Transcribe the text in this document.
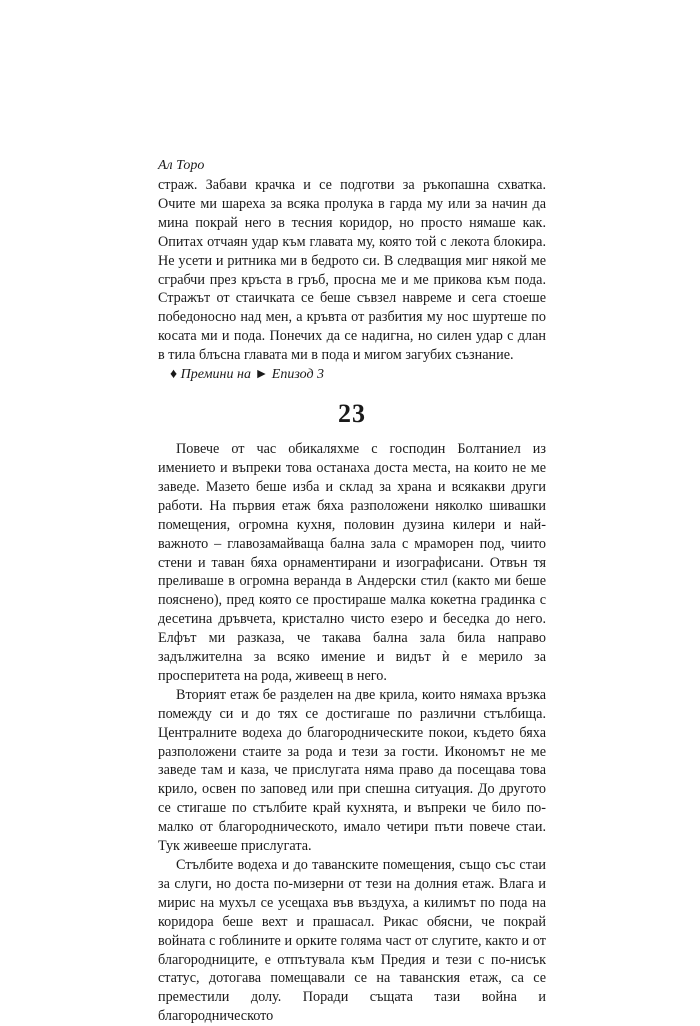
Ал Торо

страж. Забави крачка и се подготви за ръкопашна схватка. Очите ми шареха за всяка пролука в гарда му или за начин да мина покрай него в тесния коридор, но просто нямаше как. Опитах отчаян удар към главата му, която той с лекота блокира. Не усети и ритника ми в бедрото си. В следващия миг някой ме сграбчи през кръста в гръб, просна ме и ме прикова към пода. Стражът от стаичката се беше съвзел навреме и сега стоеше победоносно над мен, а кръвта от разбития му нос шуртеше по косата ми и пода. Понечих да се надигна, но силен удар с длан в тила блъсна главата ми в пода и мигом загубих съзнание.

♦ Премини на ► Епизод 3

23

Повече от час обикаляхме с господин Болтаниел из имението и въпреки това останаха доста места, на които не ме заведе. Мазето беше изба и склад за храна и всякакви други работи. На първия етаж бяха разположени няколко шивашки помещения, огромна кухня, половин дузина килери и най-важното – главозамайваща бална зала с мраморен под, чиито стени и таван бяха орнаментирани и изографисани. Отвън тя преливаше в огромна веранда в Андерски стил (както ми беше пояснено), пред която се простираше малка кокетна градинка с десетина дръвчета, кристално чисто езеро и беседка до него. Елфът ми разказа, че такава бална зала била направо задължителна за всяко имение и видът ѝ е мерило за просперитета на рода, живеещ в него.

Вторият етаж бе разделен на две крила, които нямаха връзка помежду си и до тях се достигаше по различни стълбища. Централните водеха до благородническите покои, където бяха разположени стаите за рода и тези за гости. Икономът не ме заведе там и каза, че прислугата няма право да посещава това крило, освен по заповед или при спешна ситуация. До другото се стигаше по стълбите край кухнята, и въпреки че било по-малко от благородническото, имало четири пъти повече стаи. Тук живееше прислугата.

Стълбите водеха и до таванските помещения, също със стаи за слуги, но доста по-мизерни от тези на долния етаж. Влага и мирис на мухъл се усещаха във въздуха, а килимът по пода на коридора беше вехт и прашасал. Рикас обясни, че покрай войната с гоблините и орките голяма част от слугите, както и от благородниците, е отпътувала към Предия и тези с по-нисък статус, дотогава помещавали се на таванския етаж, са се преместили долу. Поради същата тази война и благородническото
